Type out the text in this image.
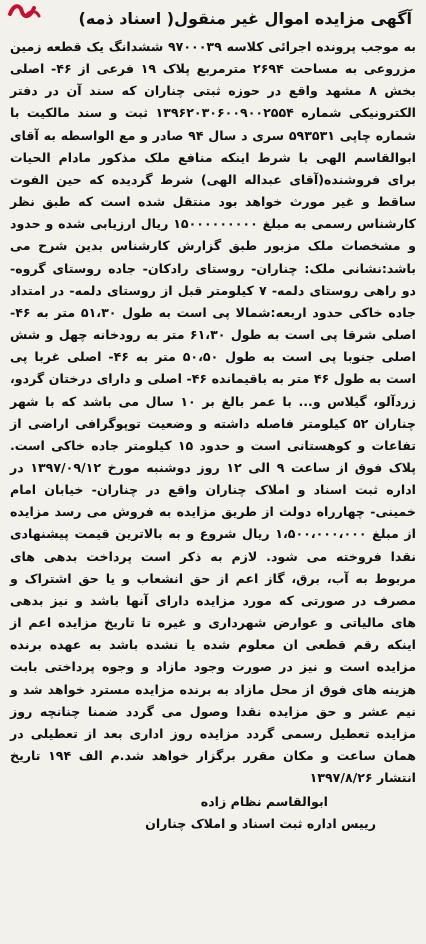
آگهی مزایده اموال غیر منقول( اسناد ذمه)

به موجب پرونده اجرائی کلاسه ۹۷۰۰۰۳۹ ششدانگ یک قطعه زمین مزروعی به مساحت ۲۶۹۴ مترمربع پلاک ۱۹ فرعی از ۴۶- اصلی بخش ۸ مشهد واقع در حوزه ثبتی چناران که سند آن در دفتر الکترونیکی شماره ۱۳۹۶۲۰۳۰۶۰۰۹۰۰۲۵۵۴ ثبت و سند مالکیت با شماره چاپی ۵۹۳۵۳۱ سری د سال ۹۴ صادر و مع الواسطه به آقای ابوالقاسم الهی با شرط اینکه منافع ملک مذکور مادام الحیات برای فروشنده(آقای عبداله الهی) شرط گردیده که حین الفوت ساقط و غیر مورث خواهد بود منتقل شده است که طبق نظر کارشناس رسمی به مبلغ ۱۵۰۰۰۰۰۰۰۰۰ ریال ارزیابی شده و حدود و مشخصات ملک مزبور طبق گزارش کارشناس بدین شرح می باشد:نشانی ملک: چناران- روستای رادکان- جاده روستای گروه- دو راهی روستای دلمه- ۷ کیلومتر قبل از روستای دلمه- در امتداد جاده خاکی حدود اربعه:شمالا پی است به طول ۵۱،۳۰ متر به ۴۶- اصلی شرقا پی است به طول ۶۱،۳۰ متر به رودخانه چهل و شش اصلی جنوبا پی است به طول ۵۰،۵۰ متر به ۴۶- اصلی غربا پی است به طول ۴۶ متر به باقیمانده ۴۶- اصلی و دارای درختان گردو، زردآلو، گیلاس و... با عمر بالغ بر ۱۰ سال می باشد که با شهر چناران ۵۲ کیلومتر فاصله داشته و وضعیت توپوگرافی اراضی از تفاعات و کوهستانی است و حدود ۱۵ کیلومتر جاده خاکی است. پلاک فوق از ساعت ۹ الی ۱۲ روز دوشنبه مورخ ۱۳۹۷/۰۹/۱۲ در اداره ثبت اسناد و املاک چناران واقع در چناران- خیابان امام خمینی- چهارراه دولت از طریق مزایده به فروش می رسد مزایده از مبلغ ۱،۵۰۰،۰۰۰،۰۰۰ ریال شروع و به بالاترین قیمت پیشنهادی نقدا فروخته می شود. لازم به ذکر است پرداخت بدهی های مربوط به آب، برق، گاز اعم از حق انشعاب و یا حق اشتراک و مصرف در صورتی که مورد مزایده دارای آنها باشد و نیز بدهی های مالیاتی و عوارض شهرداری و غیره تا تاریخ مزایده اعم از اینکه رقم قطعی ان معلوم شده یا نشده باشد به عهده برنده مزایده است و نیز در صورت وجود مازاد و وجوه پرداختی بابت هزینه های فوق از محل مازاد به برنده مزایده مسترد خواهد شد و نیم عشر و حق مزایده نقدا وصول می گردد ضمنا چنانچه روز مزایده تعطیل رسمی گردد مزایده روز اداری بعد از تعطیلی در همان ساعت و مکان مقرر برگزار خواهد شد.م الف ۱۹۴ تاریخ انتشار ۱۳۹۷/۸/۲۶

ابوالقاسم نظام زاده
رییس اداره ثبت اسناد و املاک چناران
